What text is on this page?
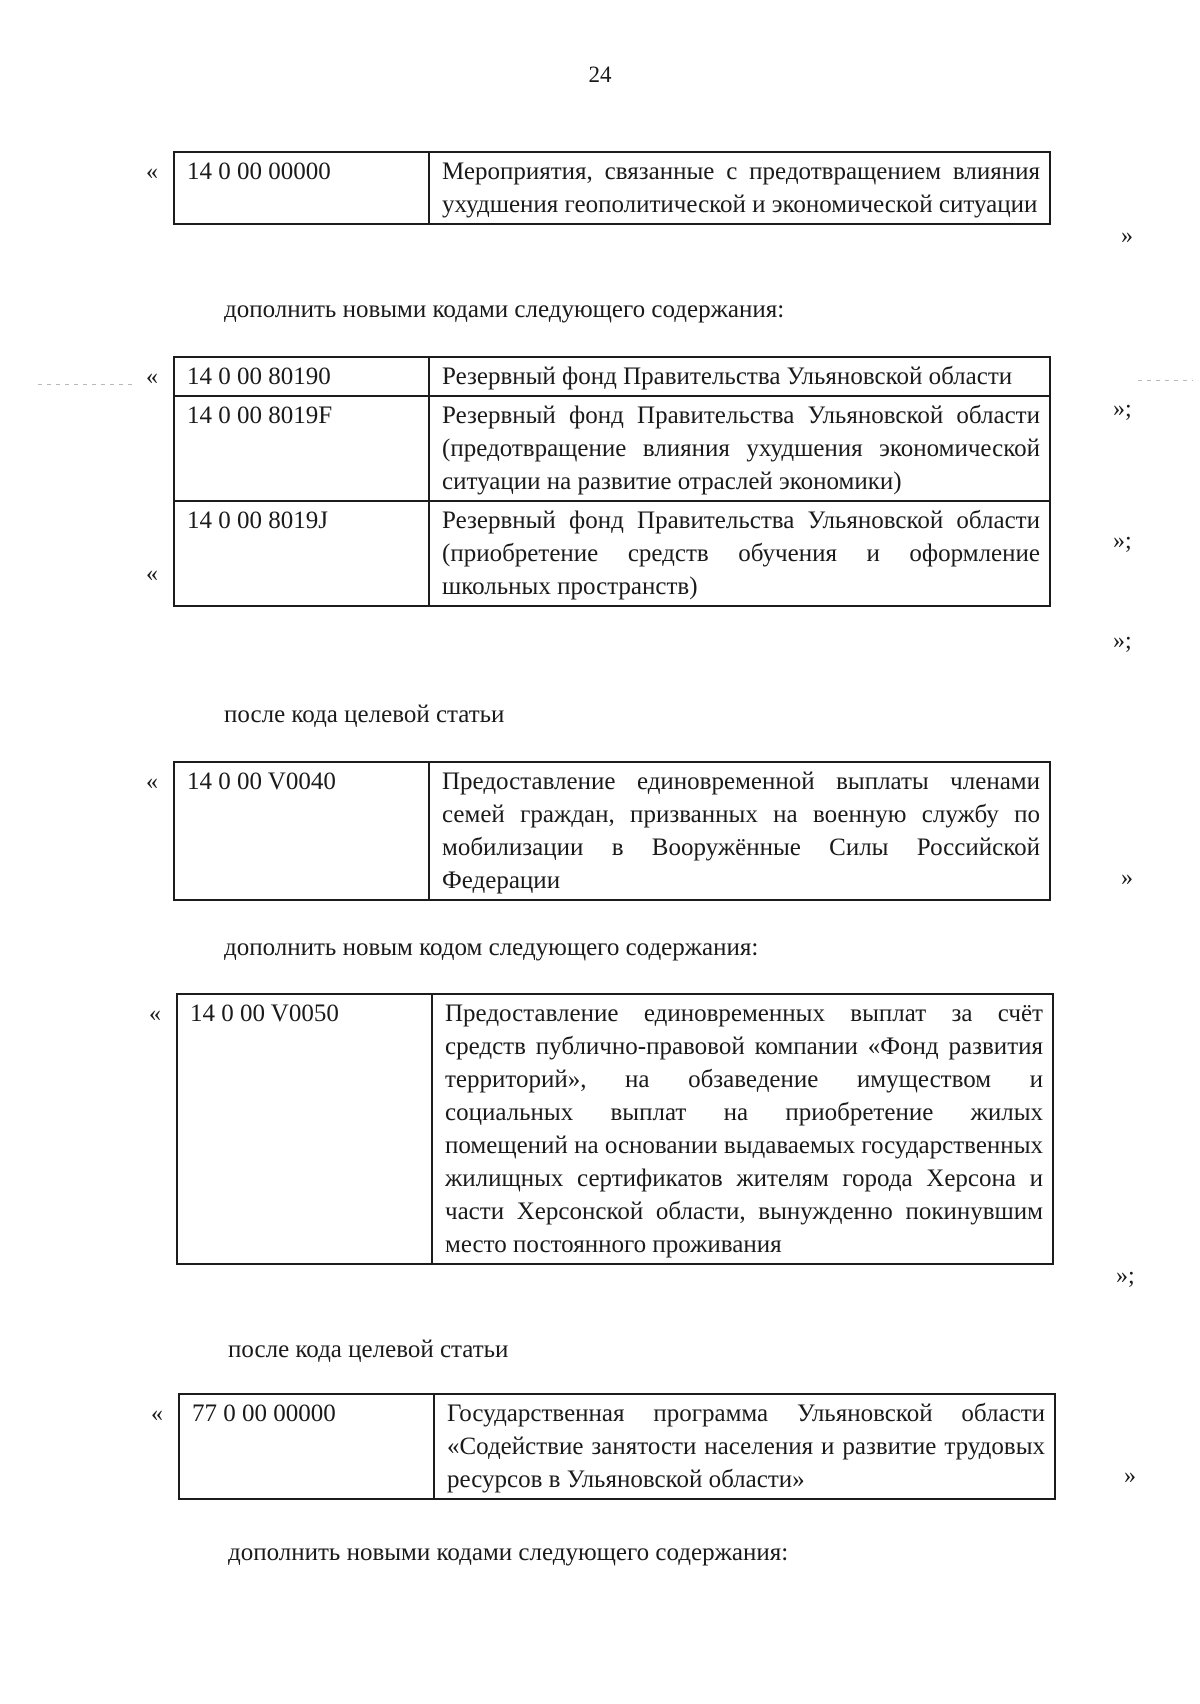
24
« 14 0 00 00000	Мероприятия, связанные с предотвращением влияния ухудшения геополитической и экономической ситуации
»
дополнить новыми кодами следующего содержания:
«
«
14 0 00 80190	Резервный фонд Правительства Ульяновской области
14 0 00 8019F	Резервный фонд Правительства Ульяновской области (предотвращение влияния ухудшения экономической ситуации на развитие отраслей экономики)
14 0 00 8019J	Резервный фонд Правительства Ульяновской области (приобретение средств обучения и оформление школьных пространств)
»;
»;
»;
после кода целевой статьи
« 14 0 00 V0040	Предоставление единовременной выплаты членами семей граждан, призванных на военную службу по мобилизации в Вооружённые Силы Российской Федерации	»
дополнить новым кодом следующего содержания:
« 14 0 00 V0050	Предоставление единовременных выплат за счёт средств публично-правовой компании «Фонд развития территорий», на обзаведение имуществом и социальных выплат на приобретение жилых помещений на основании выдаваемых государственных жилищных сертификатов жителям города Херсона и части Херсонской области, вынужденно покинувшим место постоянного проживания
»;
после кода целевой статьи
« 77 0 00 00000	Государственная программа Ульяновской области «Содействие занятости населения и развитие трудовых ресурсов в Ульяновской области»	»
дополнить новыми кодами следующего содержания:
